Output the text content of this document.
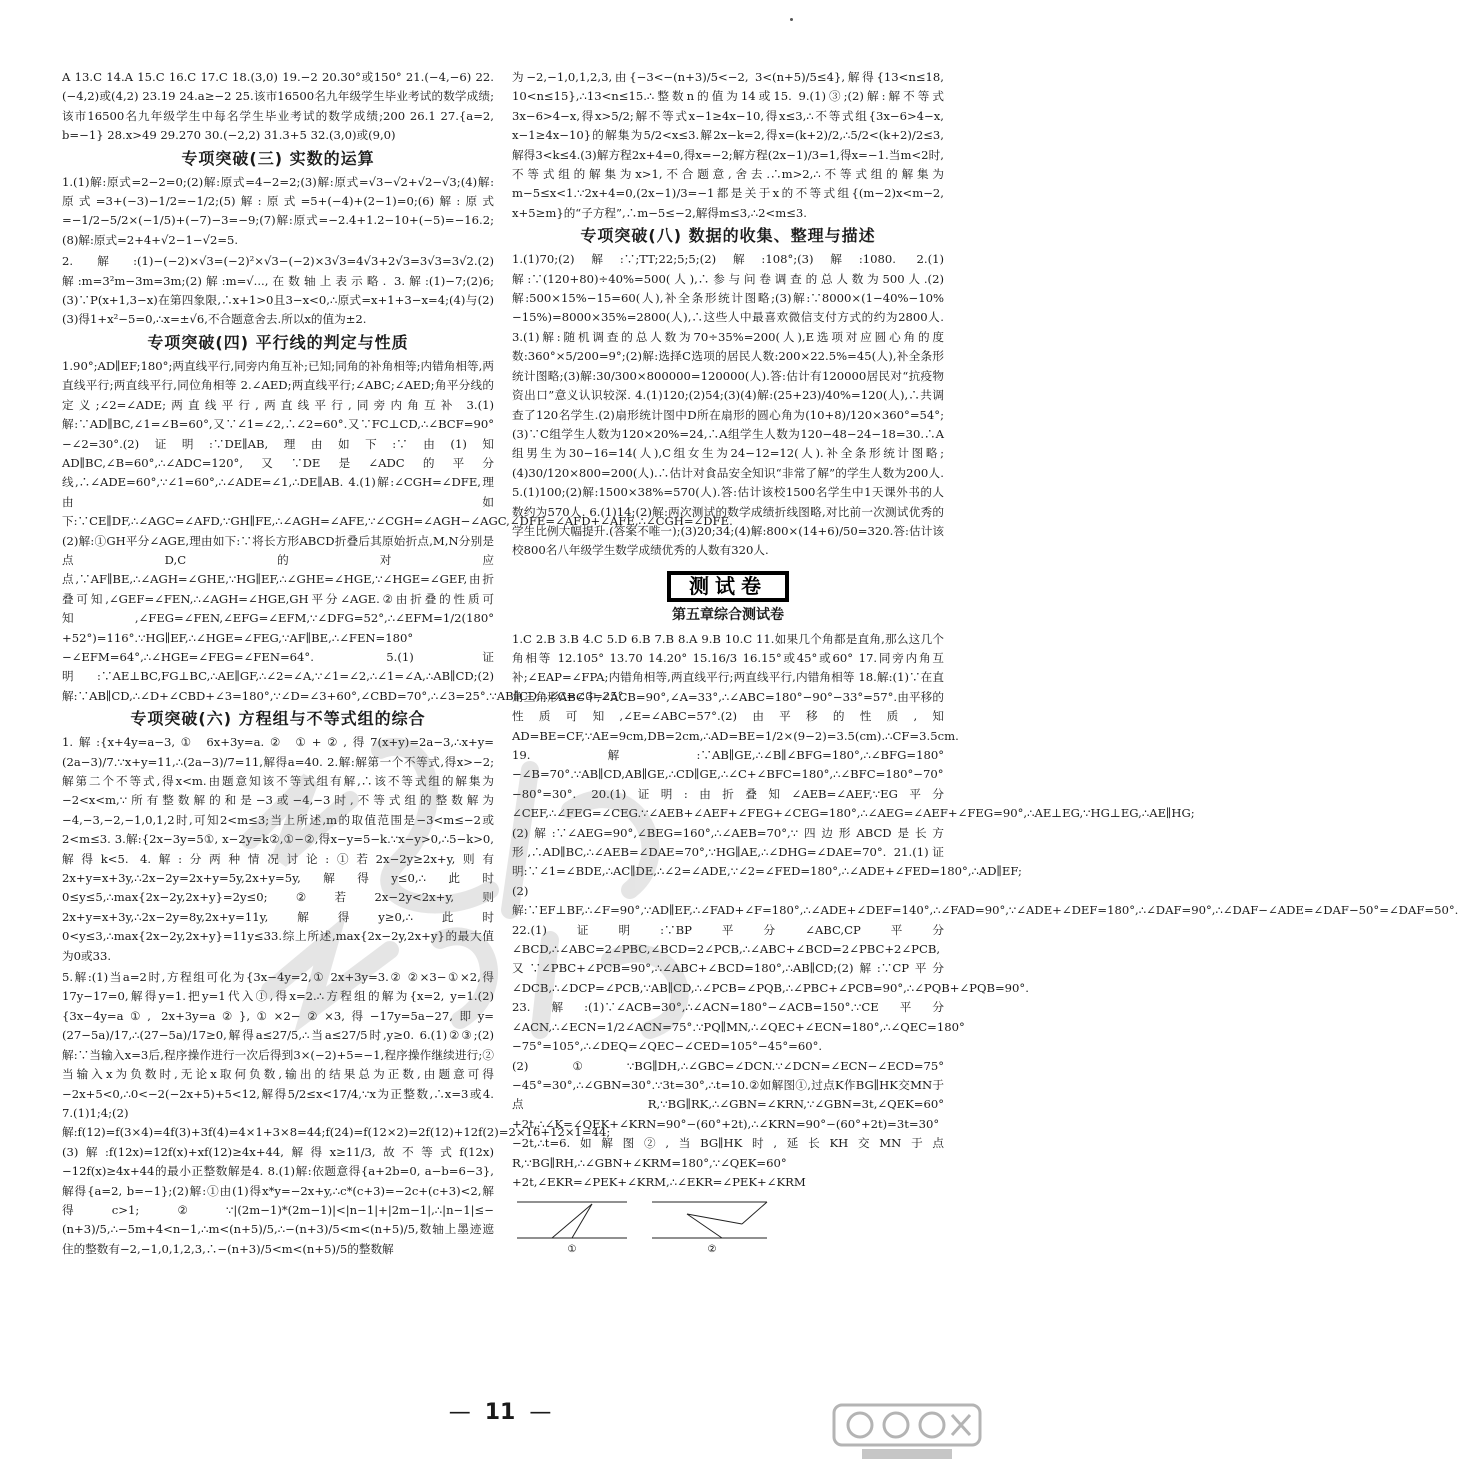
A 13.C 14.A 15.C 16.C 17.C 18.(3,0) 19.−2 20.30°或150° 21.(−4,−6) 22.(−4,2)或(4,2) 23.19 24.a≥−2 25.该市16500名九年级学生毕业考试的数学成绩;该市16500名九年级学生中每名学生毕业考试的数学成绩;200 26.1 27.{a=2, b=−1} 28.x>49 29.270 30.(−2,2) 31.3+5 32.(3,0)或(9,0)

专项突破(三) 实数的运算

1.(1)解:原式=2−2=0;(2)解:原式=4−2=2;(3)解:原式=√3−√2+√2−√3;(4)解:原式=3+(−3)−1/2=−1/2;(5)解:原式=5+(−4)+(2−1)=0;(6)解:原式=−1/2−5/2×(−1/5)+(−7)−3=−9;(7)解:原式=−2.4+1.2−10+(−5)=−16.2;(8)解:原式=2+4+√2−1−√2=5.

2.解:(1)−(−2)×√3=(−2)²×√3−(−2)×3√3=4√3+2√3=3√3=3√2.(2)解:m=3²m−3m=3m;(2)解:m=√...,在数轴上表示略. 3.解:(1)−7;(2)6;(3)∵P(x+1,3−x)在第四象限,∴x+1>0且3−x<0,∴原式=x+1+3−x=4;(4)与(2)(3)得1+x²−5=0,∴x=±√6,不合题意舍去.所以x的值为±2.

专项突破(四) 平行线的判定与性质

1.90°;AD∥EF;180°;两直线平行,同旁内角互补;已知;同角的补角相等;内错角相等,两直线平行;两直线平行,同位角相等 2.∠AED;两直线平行;∠ABC;∠AED;角平分线的定义;∠2=∠ADE;两直线平行,两直线平行,同旁内角互补 3.(1)解:∵AD∥BC,∠1=∠B=60°,又∵∠1=∠2,∴∠2=60°.又∵FC⊥CD,∴∠BCF=90°−∠2=30°.(2)证明:∵DE∥AB,理由如下:∵由(1)知AD∥BC,∠B=60°,∴∠ADC=120°,又∵DE是∠ADC的平分线,∴∠ADE=60°,∵∠1=60°,∴∠ADE=∠1,∴DE∥AB. 4.(1)解:∠CGH=∠DFE,理由如下:∵CE∥DF,∴∠AGC=∠AFD,∵GH∥FE,∴∠AGH=∠AFE,∵∠CGH=∠AGH−∠AGC,∠DFE=∠AFD+∠AFE,∴∠CGH=∠DFE.(2)解:①GH平分∠AGE,理由如下:∵将长方形ABCD折叠后其原始折点,M,N分别是点D,C的对应点,∵AF∥BE,∴∠AGH=∠GHE,∵HG∥EF,∴∠GHE=∠HGE,∵∠HGE=∠GEF,由折叠可知,∠GEF=∠FEN,∴∠AGH=∠HGE,GH平分∠AGE.②由折叠的性质可知,∠FEG=∠FEN,∠EFG=∠EFM,∵∠DFG=52°,∴∠EFM=1/2(180°+52°)=116°.∵HG∥EF,∴∠HGE=∠FEG,∵AF∥BE,∴∠FEN=180°−∠EFM=64°,∴∠HGE=∠FEG=∠FEN=64°. 5.(1)证明:∵AE⊥BC,FG⊥BC,∴AE∥GF,∴∠2=∠A,∵∠1=∠2,∴∠1=∠A,∴AB∥CD;(2)解:∵AB∥CD,∴∠D+∠CBD+∠3=180°,∵∠D=∠3+60°,∠CBD=70°,∴∠3=25°.∵AB∥CD,∴∠C=∠3=25°.

专项突破(六) 方程组与不等式组的综合

1.解:{x+4y=a−3,① 6x+3y=a.② ①+②,得7(x+y)=2a−3,∴x+y=(2a−3)/7.∵x+y=11,∴(2a−3)/7=11,解得a=40. 2.解:解第一个不等式,得x>−2;解第二个不等式,得x<m.由题意知该不等式组有解,∴该不等式组的解集为−2<x<m,∵所有整数解的和是−3或−4,−3时,不等式组的整数解为−4,−3,−2,−1,0,1,2时,可知2<m≤3;当上所述,m的取值范围是−3<m≤−2或2<m≤3. 3.解:{2x−3y=5①, x−2y=k②,①−②,得x−y=5−k.∵x−y>0,∴5−k>0,解得k<5. 4.解:分两种情况讨论:①若2x−2y≥2x+y,则有2x+y=x+3y,∴2x−2y=2x+y=5y,2x+y=5y,解得y≤0,∴此时0≤y≤5,∴max{2x−2y,2x+y}=2y≤0;②若2x−2y<2x+y,则2x+y=x+3y,∴2x−2y=8y,2x+y=11y,解得y≥0,∴此时0<y≤3,∴max{2x−2y,2x+y}=11y≤33.综上所述,max{2x−2y,2x+y}的最大值为0或33.

5.解:(1)当a=2时,方程组可化为{3x−4y=2,① 2x+3y=3.② ②×3−①×2,得17y−17=0,解得y=1.把y=1代入①,得x=2.∴方程组的解为{x=2, y=1.(2){3x−4y=a①, 2x+3y=a②},①×2−②×3,得−17y=5a−27,即y=(27−5a)/17,∴(27−5a)/17≥0,解得a≤27/5,∴当a≤27/5时,y≥0. 6.(1)②③;(2)解:∵当输入x=3后,程序操作进行一次后得到3×(−2)+5=−1,程序操作继续进行;②当输入x为负数时,无论x取何负数,输出的结果总为正数,由题意可得−2x+5<0,∴0<−2(−2x+5)+5<12,解得5/2≤x<17/4,∵x为正整数,∴x=3或4. 7.(1)1;4;(2)解:f(12)=f(3×4)=4f(3)+3f(4)=4×1+3×8=44;f(24)=f(12×2)=2f(12)+12f(2)=2×16+12×1=44;(3)解:f(12x)=12f(x)+xf(12)≥4x+44,解得x≥11/3,故不等式f(12x)−12f(x)≥4x+44的最小正整数解是4. 8.(1)解:依题意得{a+2b=0, a−b=6−3},解得{a=2, b=−1};(2)解:①由(1)得x*y=−2x+y,∴c*(c+3)=−2c+(c+3)<2,解得c>1;②∵|(2m−1)*(2m−1)|<|n−1|+|2m−1|,∴|n−1|≤−(n+3)/5,∴−5m+4<n−1,∴m<(n+5)/5,∴−(n+3)/5<m<(n+5)/5,数轴上墨迹遮住的整数有−2,−1,0,1,2,3,∴−(n+3)/5<m<(n+5)/5的整数解

为−2,−1,0,1,2,3,由{−3<−(n+3)/5<−2, 3<(n+5)/5≤4},解得{13<n≤18, 10<n≤15},∴13<n≤15.∴整数n的值为14或15. 9.(1)③;(2)解:解不等式3x−6>4−x,得x>5/2;解不等式x−1≥4x−10,得x≤3,∴不等式组{3x−6>4−x, x−1≥4x−10}的解集为5/2<x≤3.解2x−k=2,得x=(k+2)/2,∴5/2<(k+2)/2≤3,解得3<k≤4.(3)解方程2x+4=0,得x=−2;解方程(2x−1)/3=1,得x=−1.当m<2时,不等式组的解集为x>1,不合题意,舍去.∴m>2,∴不等式组的解集为m−5≤x<1.∵2x+4=0,(2x−1)/3=−1都是关于x的不等式组{(m−2)x<m−2, x+5≥m}的“子方程”,∴m−5≤−2,解得m≤3,∴2<m≤3.

专项突破(八) 数据的收集、整理与描述

1.(1)70;(2)解:∵;TT;22;5;5;(2)解:108°;(3)解:1080. 2.(1)解:∵(120+80)÷40%=500(人),∴参与问卷调查的总人数为500人.(2)解:500×15%−15=60(人),补全条形统计图略;(3)解:∵8000×(1−40%−10%−15%)=8000×35%=2800(人),∴这些人中最喜欢微信支付方式的约为2800人. 3.(1)解:随机调查的总人数为70÷35%=200(人),E选项对应圆心角的度数:360°×5/200=9°;(2)解:选择C选项的居民人数:200×22.5%=45(人),补全条形统计图略;(3)解:30/300×800000=120000(人).答:估计有120000居民对“抗疫物资出口”意义认识较深. 4.(1)120;(2)54;(3)(4)解:(25+23)/40%=120(人),∴共调查了120名学生.(2)扇形统计图中D所在扇形的圆心角为(10+8)/120×360°=54°;(3)∵C组学生人数为120×20%=24,∴A组学生人数为120−48−24−18=30.∴A组男生为30−16=14(人),C组女生为24−12=12(人).补全条形统计图略;(4)30/120×800=200(人).∴估计对食品安全知识“非常了解”的学生人数为200人. 5.(1)100;(2)解:1500×38%=570(人).答:估计该校1500名学生中1天课外书的人数约为570人. 6.(1)14;(2)解:两次测试的数学成绩折线图略,对比前一次测试优秀的学生比例大幅提升.(答案不唯一);(3)20;34;(4)解:800×(14+6)/50=320.答:估计该校800名八年级学生数学成绩优秀的人数有320人.

测试卷
第五章综合测试卷

1.C 2.B 3.B 4.C 5.D 6.B 7.B 8.A 9.B 10.C 11.如果几个角都是直角,那么这几个角相等 12.105° 13.70 14.20° 15.16/3 16.15°或45°或60° 17.同旁内角互补;∠EAP=∠FPA;内错角相等,两直线平行;两直线平行,内错角相等 18.解:(1)∵在直角三角形ABC中,∠ACB=90°,∠A=33°,∴∠ABC=180°−90°−33°=57°.由平移的性质可知,∠E=∠ABC=57°.(2)由平移的性质,知AD=BE=CF,∵AE=9cm,DB=2cm,∴AD=BE=1/2×(9−2)=3.5(cm).∴CF=3.5cm. 19.解:∵AB∥GE,∴∠B∥∠BFG=180°,∴∠BFG=180°−∠B=70°.∵AB∥CD,AB∥GE,∴CD∥GE,∴∠C+∠BFC=180°,∴∠BFC=180°−70°−80°=30°. 20.(1)证明:由折叠知∠AEB=∠AEF,∵EG平分∠CEF,∴∠FEG=∠CEG.∵∠AEB+∠AEF+∠FEG+∠CEG=180°,∴∠AEG=∠AEF+∠FEG=90°,∴AE⊥EG,∵HG⊥EG,∴AE∥HG;(2)解:∵∠AEG=90°,∠BEG=160°,∴∠AEB=70°,∵四边形ABCD是长方形,∴AD∥BC,∴∠AEB=∠DAE=70°,∵HG∥AE,∴∠DHG=∠DAE=70°. 21.(1)证明:∵∠1=∠BDE,∴AC∥DE,∴∠2=∠ADE,∵∠2=∠FED=180°,∴∠ADE+∠FED=180°,∴AD∥EF;(2)解:∵EF⊥BF,∴∠F=90°,∵AD∥EF,∴∠FAD+∠F=180°,∴∠ADE+∠DEF=140°,∴∠FAD=90°,∵∠ADE+∠DEF=180°,∴∠DAF=90°,∴∠DAF−∠ADE=∠DAF−50°=∠DAF=50°. 22.(1)证明:∵BP平分∠ABC,CP平分∠BCD,∴∠ABC=2∠PBC,∠BCD=2∠PCB,∴∠ABC+∠BCD=2∠PBC+2∠PCB,又∵∠PBC+∠PCB=90°,∴∠ABC+∠BCD=180°,∴AB∥CD;(2)解:∵CP平分∠DCB,∴∠DCP=∠PCB,∵AB∥CD,∴∠PCB=∠PQB,∴∠PBC+∠PCB=90°,∴∠PQB+∠PQB=90°. 23.解:(1)∵∠ACB=30°,∴∠ACN=180°−∠ACB=150°.∵CE平分∠ACN,∴∠ECN=1/2∠ACN=75°.∵PQ∥MN,∴∠QEC+∠ECN=180°,∴∠QEC=180°−75°=105°,∴∠DEQ=∠QEC−∠CED=105°−45°=60°.(2)①∵BG∥DH,∴∠GBC=∠DCN.∵∠DCN=∠ECN−∠ECD=75°−45°=30°,∴∠GBN=30°.∵3t=30°,∴t=10.②如解图①,过点K作BG∥HK交MN于点R,∵BG∥RK,∴∠GBN=∠KRN,∵∠GBN=3t,∠QEK=60°+2t,∴∠K=∠QEK+∠KRN=90°−(60°+2t),∴∠KRN=90°−(60°+2t)=3t=30°−2t,∴t=6.如解图②,当BG∥HK时,延长KH交MN于点R,∵BG∥RH,∴∠GBN+∠KRM=180°,∵∠QEK=60°+2t,∠EKR=∠PEK+∠KRM,∴∠EKR=∠PEK+∠KRM

①	②
— 11 —
